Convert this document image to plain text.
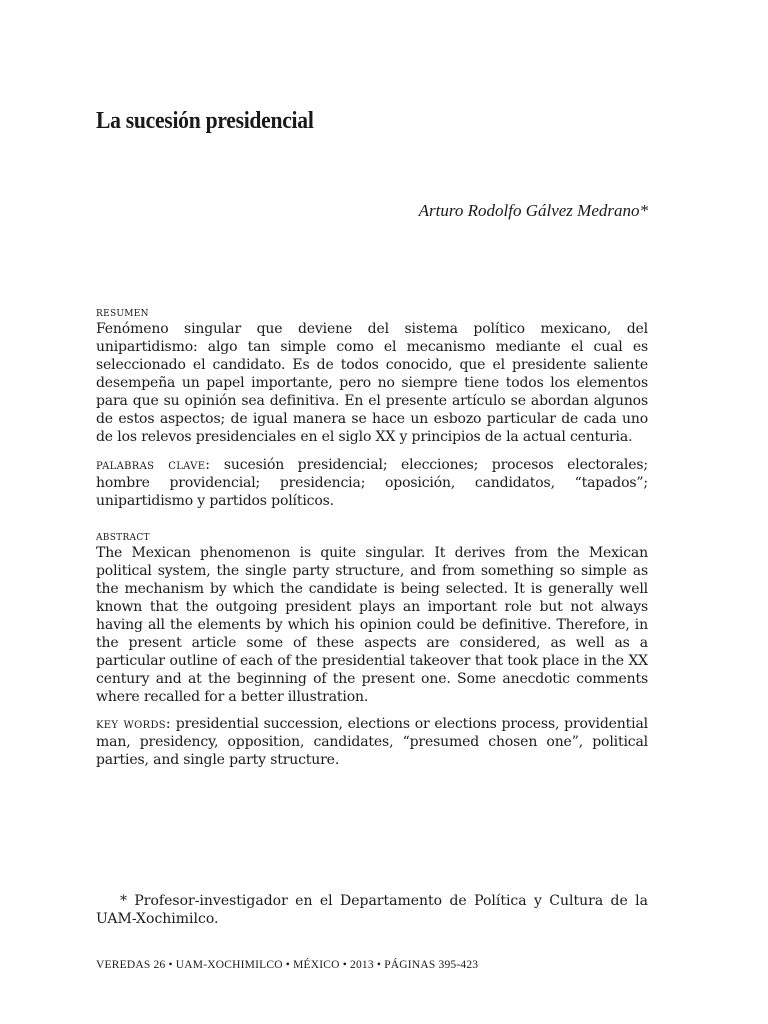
La sucesión presidencial

Arturo Rodolfo Gálvez Medrano*

resumen

Fenómeno singular que deviene del sistema político mexicano, del unipartidismo: algo tan simple como el mecanismo mediante el cual es seleccionado el candidato. Es de todos conocido, que el presidente saliente desempeña un papel importante, pero no siempre tiene todos los elementos para que su opinión sea definitiva. En el presente artículo se abordan algunos de estos aspectos; de igual manera se hace un esbozo particular de cada uno de los relevos presidenciales en el siglo XX y principios de la actual centuria.

palabras clave: sucesión presidencial; elecciones; procesos electorales; hombre providencial; presidencia; oposición, candidatos, “tapados”; unipartidismo y partidos políticos.

abstract

The Mexican phenomenon is quite singular. It derives from the Mexican political system, the single party structure, and from something so simple as the mechanism by which the candidate is being selected. It is generally well known that the outgoing president plays an important role but not always having all the elements by which his opinion could be definitive. Therefore, in the present article some of these aspects are considered, as well as a particular outline of each of the presidential takeover that took place in the XX century and at the beginning of the present one. Some anecdotic comments where recalled for a better illustration.

key words: presidential succession, elections or elections process, providential man, presidency, opposition, candidates, “presumed chosen one”, political parties, and single party structure.

* Profesor-investigador en el Departamento de Política y Cultura de la UAM-Xochimilco.

VEREDAS 26 • UAM-XOCHIMILCO • MÉXICO • 2013 • PÁGINAS 395-423
